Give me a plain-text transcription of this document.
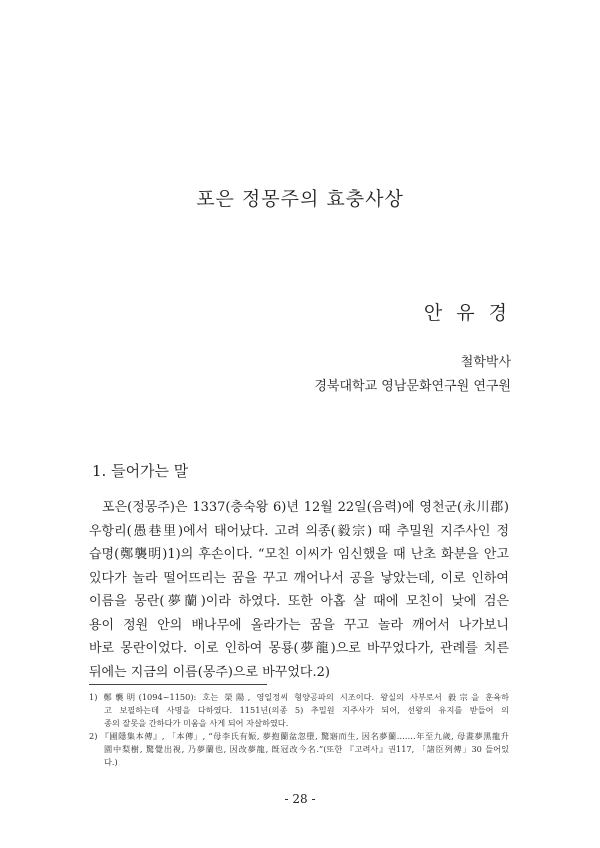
포은 정몽주의 효충사상
안 유 경
철학박사
경북대학교 영남문화연구원 연구원
1. 들어가는 말

포은(정몽주)은 1337(충숙왕 6)년 12월 22일(음력)에 영천군(永川郡)

우항리(愚巷里)에서 태어났다. 고려 의종(毅宗) 때 추밀원 지주사인 정

습명(鄭襲明)1)의 후손이다. “모친 이씨가 임신했을 때 난초 화분을 안고

있다가 놀라 떨어뜨리는 꿈을 꾸고 깨어나서 공을 낳았는데, 이로 인하여

이름을 몽란(夢蘭)이라 하였다. 또한 아홉 살 때에 모친이 낮에 검은

용이 정원 안의 배나무에 올라가는 꿈을 꾸고 놀라 깨어서 나가보니

바로 몽란이었다. 이로 인하여 몽룡(夢龍)으로 바꾸었다가, 관례를 치른

뒤에는 지금의 이름(몽주)으로 바꾸었다.2)

1) 鄭襲明(1094~1150): 호는 榮陽, 영일정씨 형양공파의 시조이다. 왕실의 사부로서 毅宗을 훈육하

고 보필하는데 사명을 다하였다. 1151년(의종 5) 추밀원 지주사가 되어, 선왕의 유지를 받들어 의

종의 잘못을 간하다가 미움을 사게 되어 자살하였다.

2) 『圃隱集本傳』, 「本傳」, “母李氏有娠, 夢抱蘭盆忽墮, 驚寤而生, 因名夢蘭.……年至九歲, 母晝夢黑龍升

園中梨樹, 驚覺出視, 乃夢蘭也, 因改夢龍, 旣冠改今名.”(또한 『고려사』권117, 「諸臣列傳」30 들어있

다.)

- 28 -
